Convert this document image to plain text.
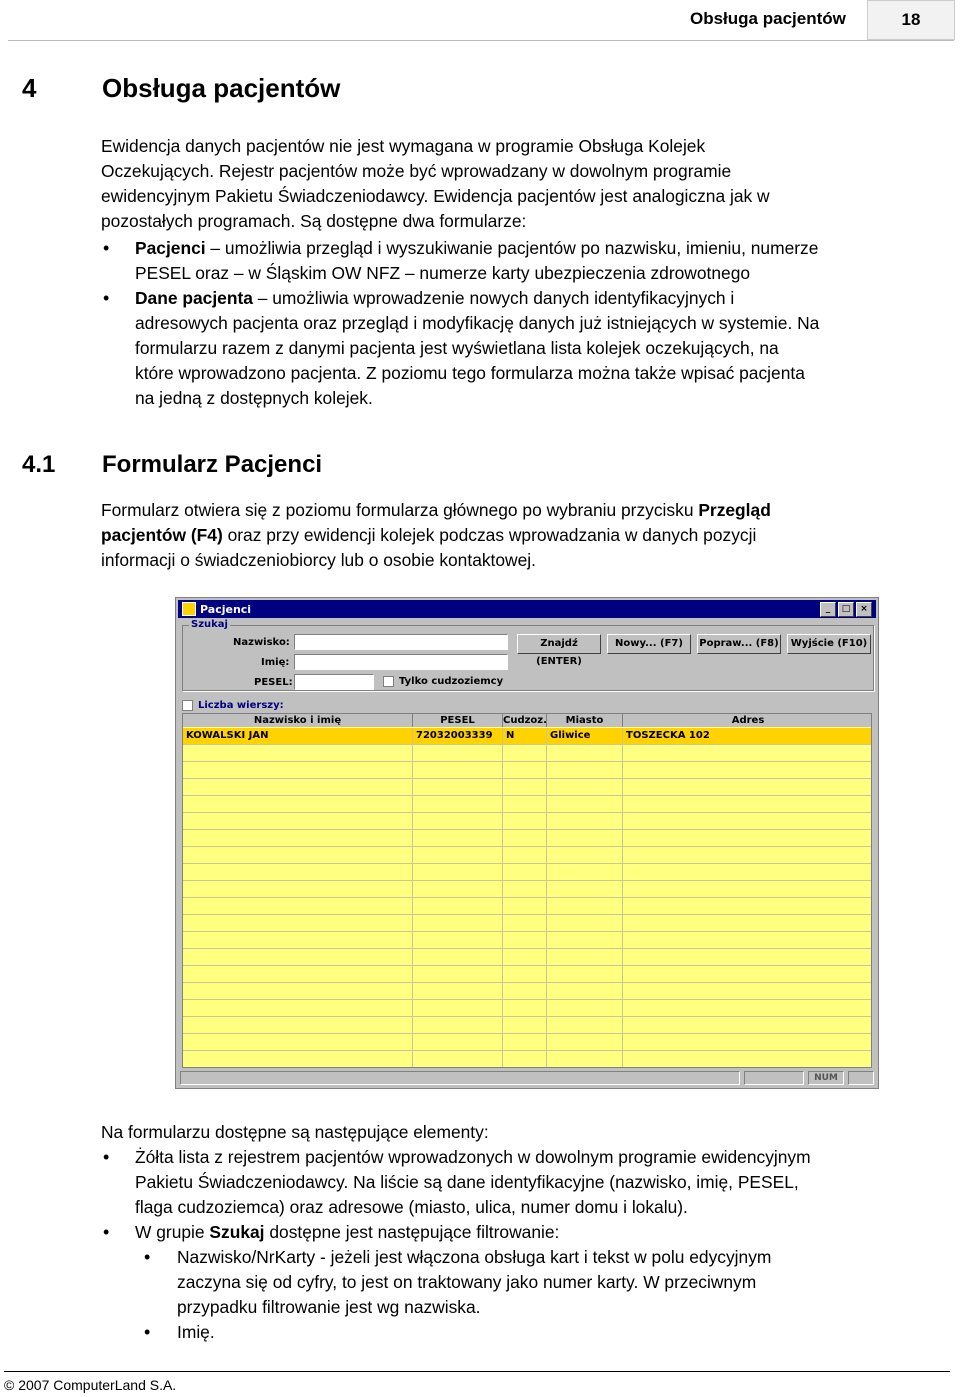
Obsługa pacjentów	18
4	Obsługa pacjentów
Ewidencja danych pacjentów nie jest wymagana w programie Obsługa Kolejek
Oczekujących. Rejestr pacjentów może być wprowadzany w dowolnym programie
ewidencyjnym Pakietu Świadczeniodawcy. Ewidencja pacjentów jest analogiczna jak w
pozostałych programach. Są dostępne dwa formularze:
•	Pacjenci – umożliwia przegląd i wyszukiwanie pacjentów po nazwisku, imieniu, numerze
PESEL oraz – w Śląskim OW NFZ – numerze karty ubezpieczenia zdrowotnego
•	Dane pacjenta – umożliwia wprowadzenie nowych danych identyfikacyjnych i
adresowych pacjenta oraz przegląd i modyfikację danych już istniejących w systemie. Na
formularzu razem z danymi pacjenta jest wyświetlana lista kolejek oczekujących, na
które wprowadzono pacjenta. Z poziomu tego formularza można także wpisać pacjenta
na jedną z dostępnych kolejek.
4.1 Formularz Pacjenci
Formularz otwiera się z poziomu formularza głównego po wybraniu przycisku Przegląd
pacjentów (F4) oraz przy ewidencji kolejek podczas wprowadzania w danych pozycji
informacji o świadczeniobiorcy lub o osobie kontaktowej.
Pacjenci	_	□	×
Szukaj
Nazwisko:
Imię:
PESEL:	Tylko cudzoziemcy
Znajdź (ENTER)
Nowy... (F7)	Popraw... (F8)	Wyjście (F10)
Liczba wierszy:
Nazwisko i imię	PESEL	Cudzoz.	Miasto	Adres
KOWALSKI JAN	72032003339	N	Gliwice	TOSZECKA 102
NUM
Na formularzu dostępne są następujące elementy:
•	Żółta lista z rejestrem pacjentów wprowadzonych w dowolnym programie ewidencyjnym
Pakietu Świadczeniodawcy. Na liście są dane identyfikacyjne (nazwisko, imię, PESEL,
flaga cudzoziemca) oraz adresowe (miasto, ulica, numer domu i lokalu).
•	W grupie Szukaj dostępne jest następujące filtrowanie:
•	Nazwisko/NrKarty - jeżeli jest włączona obsługa kart i tekst w polu edycyjnym
zaczyna się od cyfry, to jest on traktowany jako numer karty. W przeciwnym
przypadku filtrowanie jest wg nazwiska.
•	Imię.
© 2007 ComputerLand S.A.
